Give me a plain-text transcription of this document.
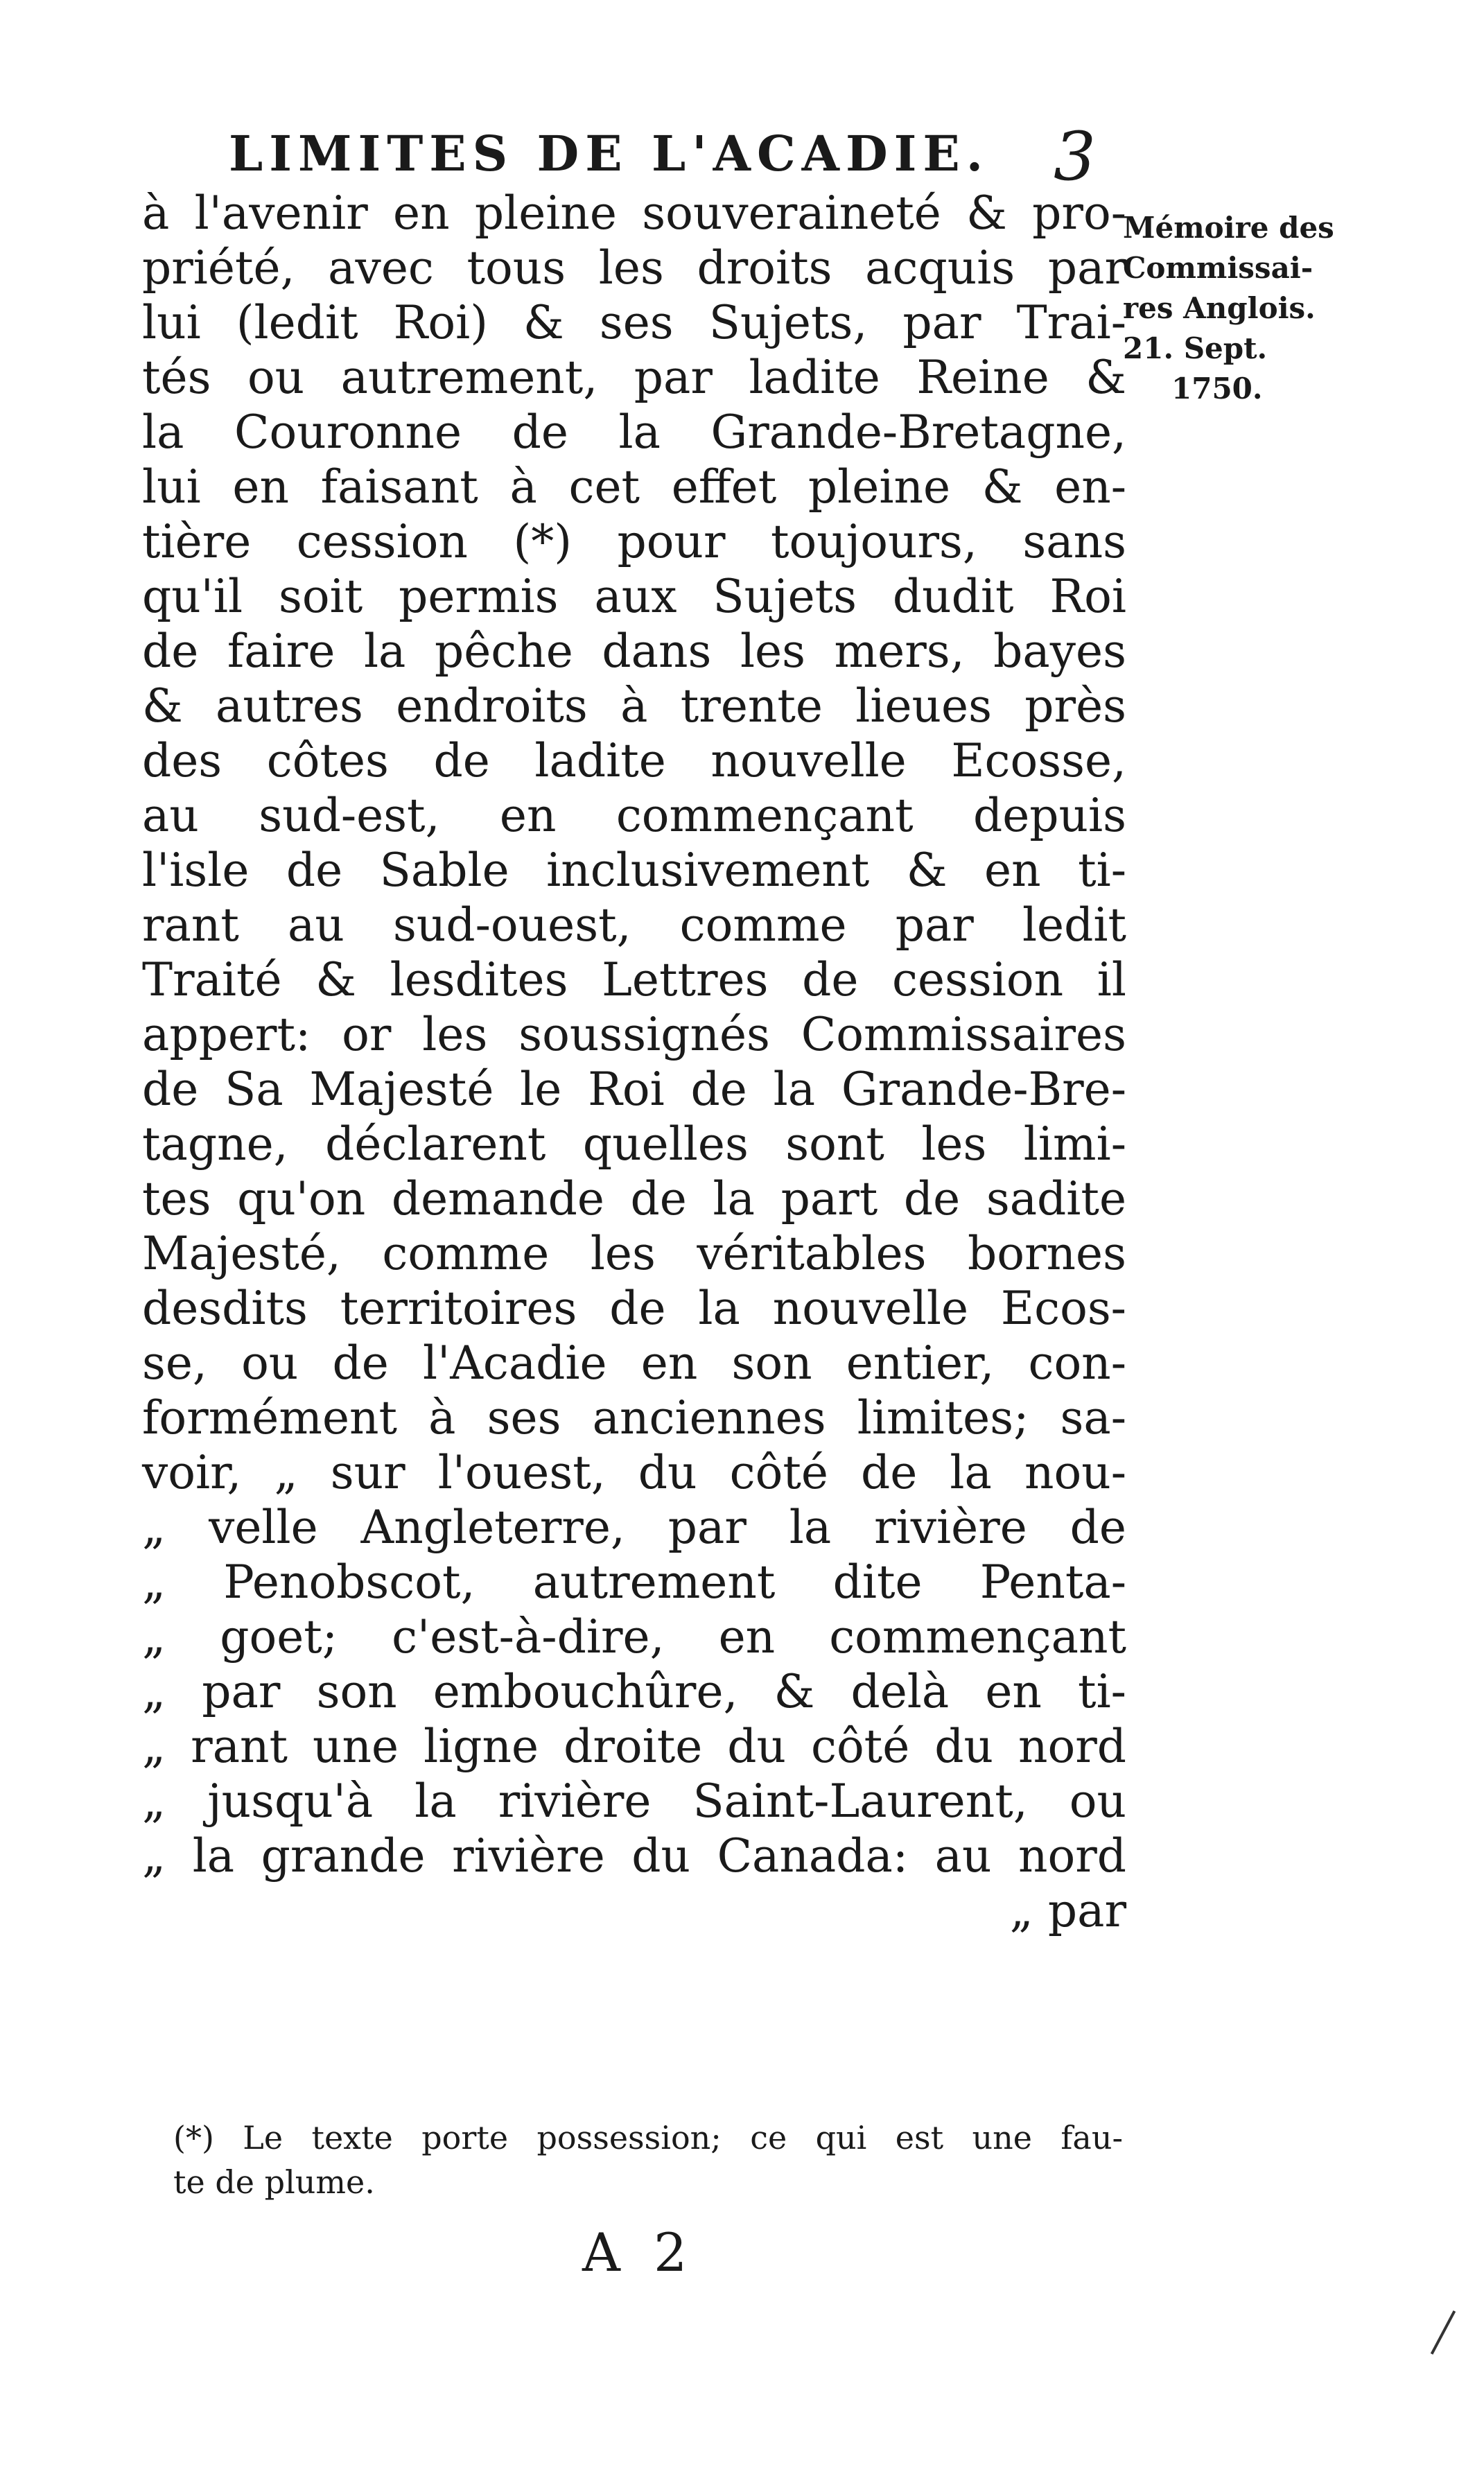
LIMITES DE L'ACADIE. 3
Mémoire des
Commissai-
res Anglois.
21. Sept.
1750.
à l'avenir en pleine souveraineté & pro-
priété, avec tous les droits acquis par
lui (ledit Roi) & ses Sujets, par Trai-
tés ou autrement, par ladite Reine &
la Couronne de la Grande-Bretagne,
lui en faisant à cet effet pleine & en-
tière cession (*) pour toujours, sans
qu'il soit permis aux Sujets dudit Roi
de faire la pêche dans les mers, bayes
& autres endroits à trente lieues près
des côtes de ladite nouvelle Ecosse,
au sud-est, en commençant depuis
l'isle de Sable inclusivement & en ti-
rant au sud-ouest, comme par ledit
Traité & lesdites Lettres de cession il
appert: or les soussignés Commissaires
de Sa Majesté le Roi de la Grande-Bre-
tagne, déclarent quelles sont les limi-
tes qu'on demande de la part de sadite
Majesté, comme les véritables bornes
desdits territoires de la nouvelle Ecos-
se, ou de l'Acadie en son entier, con-
formément à ses anciennes limites; sa-
voir, „ sur l'ouest, du côté de la nou-
„ velle Angleterre, par la rivière de
„ Penobscot, autrement dite Penta-
„ goet; c'est-à-dire, en commençant
„ par son embouchûre, & delà en ti-
„ rant une ligne droite du côté du nord
„ jusqu'à la rivière Saint-Laurent, ou
„ la grande rivière du Canada: au nord
„ par
(*) Le texte porte possession; ce qui est une fau-
te de plume.
A 2
